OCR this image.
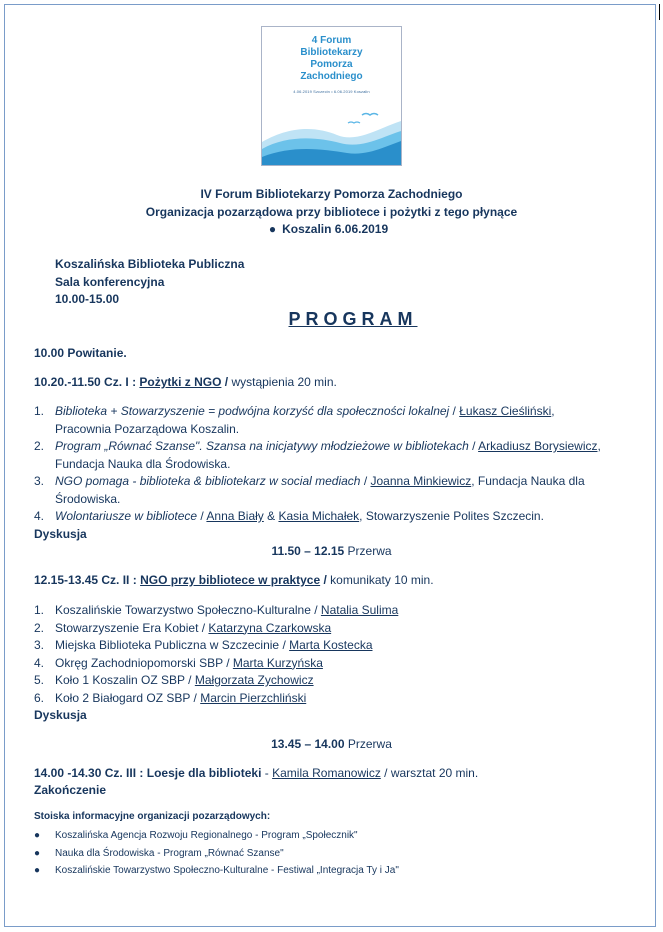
4 Forum
Bibliotekarzy
Pomorza
Zachodniego
4.06.2019 Szczecin • 6.06.2019 Koszalin
IV Forum Bibliotekarzy Pomorza Zachodniego
Organizacja pozarządowa przy bibliotece i pożytki z tego płynące
● Koszalin 6.06.2019
Koszalińska Biblioteka Publiczna
Sala konferencyjna
10.00-15.00
PROGRAM
10.00 Powitanie.
10.20.-11.50 Cz. I : Pożytki z NGO / wystąpienia 20 min.
1. Biblioteka + Stowarzyszenie = podwójna korzyść dla społeczności lokalnej / Łukasz Cieśliński,
Pracownia Pozarządowa Koszalin.
2. Program „Równać Szanse". Szansa na inicjatywy młodzieżowe w bibliotekach / Arkadiusz Borysiewicz,
Fundacja Nauka dla Środowiska.
3. NGO pomaga - biblioteka & bibliotekarz w social mediach / Joanna Minkiewicz, Fundacja Nauka dla
Środowiska.
4. Wolontariusze w bibliotece / Anna Biały & Kasia Michałek, Stowarzyszenie Polites Szczecin.
Dyskusja
11.50 – 12.15 Przerwa
12.15-13.45 Cz. II : NGO przy bibliotece w praktyce / komunikaty 10 min.
1. Koszalińskie Towarzystwo Społeczno-Kulturalne / Natalia Sulima
2. Stowarzyszenie Era Kobiet / Katarzyna Czarkowska
3. Miejska Biblioteka Publiczna w Szczecinie / Marta Kostecka
4. Okręg Zachodniopomorski SBP / Marta Kurzyńska
5. Koło 1 Koszalin OZ SBP / Małgorzata Zychowicz
6. Koło 2 Białogard OZ SBP / Marcin Pierzchliński
Dyskusja
13.45 – 14.00 Przerwa
14.00 -14.30 Cz. III : Loesje dla biblioteki - Kamila Romanowicz / warsztat 20 min.
Zakończenie
Stoiska informacyjne organizacji pozarządowych:
●	Koszalińska Agencja Rozwoju Regionalnego - Program „Społecznik"
●	Nauka dla Środowiska - Program „Równać Szanse"
●	Koszalińskie Towarzystwo Społeczno-Kulturalne - Festiwal „Integracja Ty i Ja"
